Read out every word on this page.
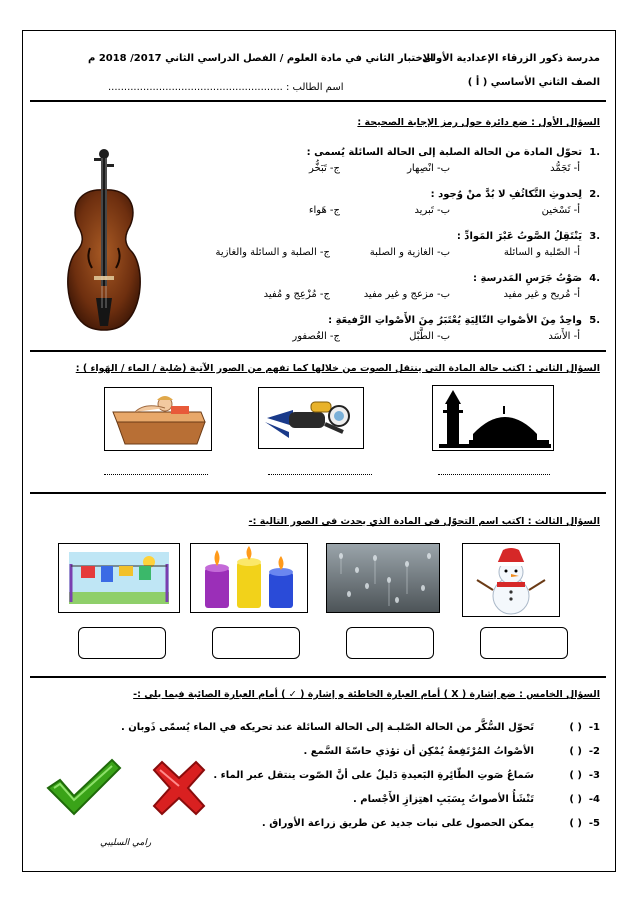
مدرسة ذكور الزرقاء الإعدادية الأولى
الاختبار الثاني في مادة العلوم / الفصل الدراسي الثاني 2017/ 2018 م
الصف الثاني الأساسي ( أ )
اسم الطالب : .......................................................
السؤال الأول : ضع دائرة حول رمز الإجابة الصحيحة :
1.
تحوّل المادة من الحالة الصلبة إلى الحالة السائلة يُسمى :
أ- تَجَمُّد
ب- انْصِهار
ج- تَبَخُّر
2.
لِحدوثِ التَّكاثُفِ لا بُدَّ منْ وُجود :
أ- تَسْخين
ب- تَبريد
ج- هَواء
3.
يَنْتَقِلُ الصَّوتُ عَبْرَ المَوادِّ :
أ- الصّلبة و السائلة
ب- الغازية و الصلبة
ج- الصلبة و السائلة والغازية
4.
صَوْتُ جَرَسِ المَدرسةِ :
أ- مُريح و غير مفيد
ب- مزعج و غير مفيد
ج- مُزْعِج و مُفيد
5.
واحِدٌ مِنَ الأصْواتِ التّالِيَةِ يُعْتَبَرُ مِنَ الأَصْواتِ الرَّفيعَةِ :
أ- الأَسَد
ب- الطَّبْل
ج- العُصفور
السؤال الثاني : اكتب حالة المادة التي ينتقل الصوت من خلالها كما تفهم من الصور الآتية (صُلبة / الماء / الهَواء ) :
السؤال الثالث : اكتب اسم التحوّل في المادة الذي يحدث في الصور التالية :-
السؤال الخامس : ضع إشارة ( X ) أمام العبارة الخاطئة و إشارة ( ✓ ) أمام العبارة الصائبة فيما يلي :-
-1
( )
تَحوّل السُّكَّر من الحالة الصّلبـة إلى الحالة السائلة عند تحريكه في الماء يُسمّى ذَوبان .
-2
( )
الأصْواتُ المُرْتَفِعةُ يُمْكِن أن تؤذي حاسّةَ السَّمع .
-3
( )
سَماعُ صَوتِ الطّائِرةِ البَعيدةِ دَليلٌ على أنَّ الصّوت ينتقل عبر الماء .
-4
( )
تَنْشَأُ الأصواتُ بِسَبَبِ اهتِزازِ الأَجْسام .
-5
( )
يمكن الحصول على نبات جديد عن طريق زراعة الأوراق .
رامي السليبي
